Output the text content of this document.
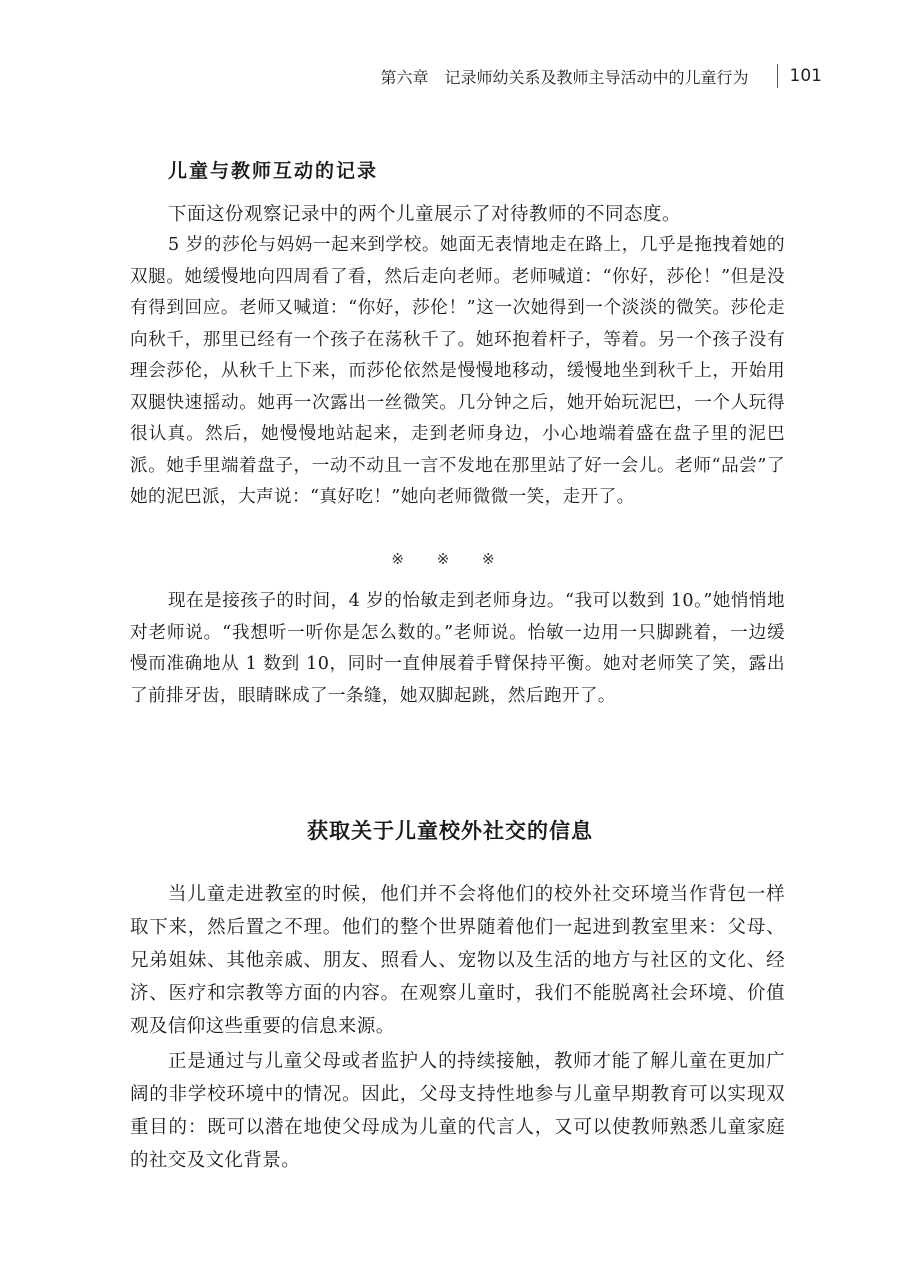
第六章　记录师幼关系及教师主导活动中的儿童行为 101
儿童与教师互动的记录
下面这份观察记录中的两个儿童展示了对待教师的不同态度。

5 岁的莎伦与妈妈一起来到学校。她面无表情地走在路上，几乎是拖拽着她的双腿。她缓慢地向四周看了看，然后走向老师。老师喊道：“你好，莎伦！”但是没有得到回应。老师又喊道：“你好，莎伦！”这一次她得到一个淡淡的微笑。莎伦走向秋千，那里已经有一个孩子在荡秋千了。她环抱着杆子，等着。另一个孩子没有理会莎伦，从秋千上下来，而莎伦依然是慢慢地移动，缓慢地坐到秋千上，开始用双腿快速摇动。她再一次露出一丝微笑。几分钟之后，她开始玩泥巴，一个人玩得很认真。然后，她慢慢地站起来，走到老师身边，小心地端着盛在盘子里的泥巴派。她手里端着盘子，一动不动且一言不发地在那里站了好一会儿。老师“品尝”了她的泥巴派，大声说：“真好吃！”她向老师微微一笑，走开了。

※ ※ ※

现在是接孩子的时间，4 岁的怡敏走到老师身边。“我可以数到 10。”她悄悄地对老师说。“我想听一听你是怎么数的。”老师说。怡敏一边用一只脚跳着，一边缓慢而准确地从 1 数到 10，同时一直伸展着手臂保持平衡。她对老师笑了笑，露出了前排牙齿，眼睛眯成了一条缝，她双脚起跳，然后跑开了。

获取关于儿童校外社交的信息

当儿童走进教室的时候，他们并不会将他们的校外社交环境当作背包一样取下来，然后置之不理。他们的整个世界随着他们一起进到教室里来：父母、兄弟姐妹、其他亲戚、朋友、照看人、宠物以及生活的地方与社区的文化、经济、医疗和宗教等方面的内容。在观察儿童时，我们不能脱离社会环境、价值观及信仰这些重要的信息来源。

正是通过与儿童父母或者监护人的持续接触，教师才能了解儿童在更加广阔的非学校环境中的情况。因此，父母支持性地参与儿童早期教育可以实现双重目的：既可以潜在地使父母成为儿童的代言人，又可以使教师熟悉儿童家庭的社交及文化背景。
